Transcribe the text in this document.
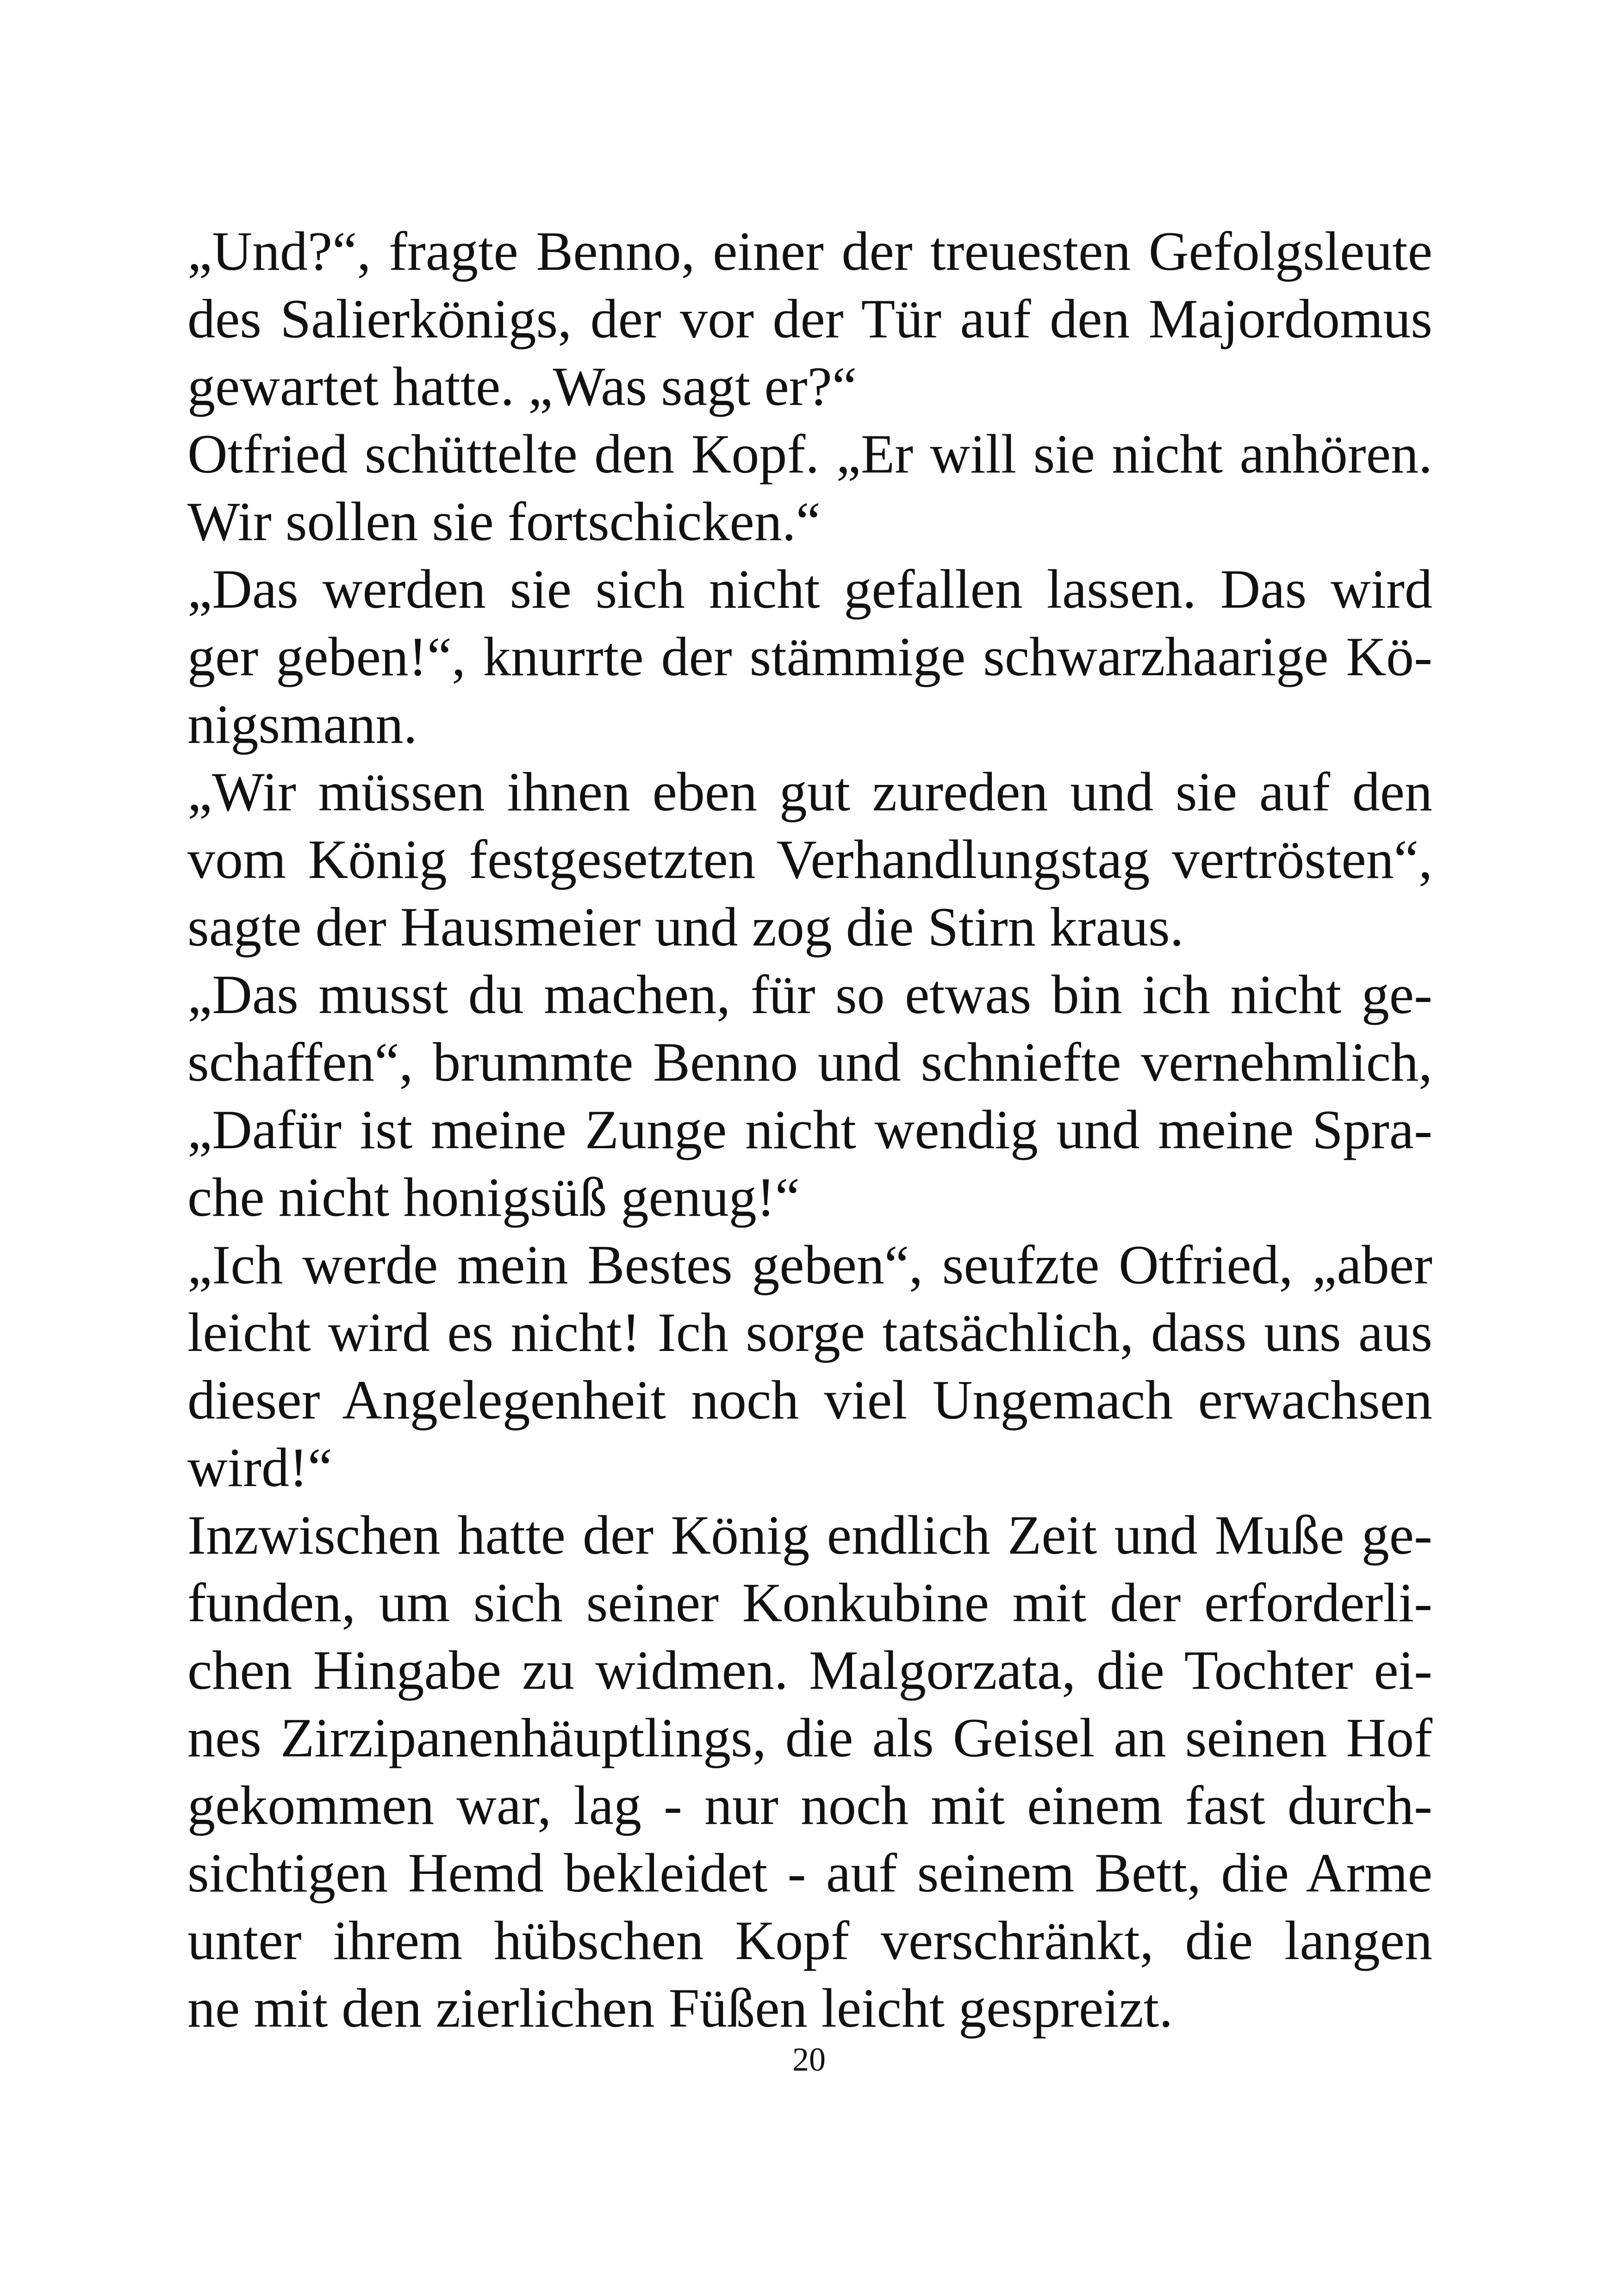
„Und?“, fragte Benno, einer der treuesten Gefolgsleute
des Salierkönigs, der vor der Tür auf den Majordomus
gewartet hatte. „Was sagt er?“
Otfried schüttelte den Kopf. „Er will sie nicht anhören.
Wir sollen sie fortschicken.“
„Das werden sie sich nicht gefallen lassen. Das wird
ger geben!“, knurrte der stämmige schwarzhaarige Kö-
nigsmann.
„Wir müssen ihnen eben gut zureden und sie auf den
vom König festgesetzten Verhandlungstag vertrösten“,
sagte der Hausmeier und zog die Stirn kraus.
„Das musst du machen, für so etwas bin ich nicht ge-
schaffen“, brummte Benno und schniefte vernehmlich,
„Dafür ist meine Zunge nicht wendig und meine Spra-
che nicht honigsüß genug!“
„Ich werde mein Bestes geben“, seufzte Otfried, „aber
leicht wird es nicht! Ich sorge tatsächlich, dass uns aus
dieser Angelegenheit noch viel Ungemach erwachsen
wird!“
Inzwischen hatte der König endlich Zeit und Muße ge-
funden, um sich seiner Konkubine mit der erforderli-
chen Hingabe zu widmen. Malgorzata, die Tochter ei-
nes Zirzipanenhäuptlings, die als Geisel an seinen Hof
gekommen war, lag - nur noch mit einem fast durch-
sichtigen Hemd bekleidet - auf seinem Bett, die Arme
unter ihrem hübschen Kopf verschränkt, die langen
ne mit den zierlichen Füßen leicht gespreizt.
20
